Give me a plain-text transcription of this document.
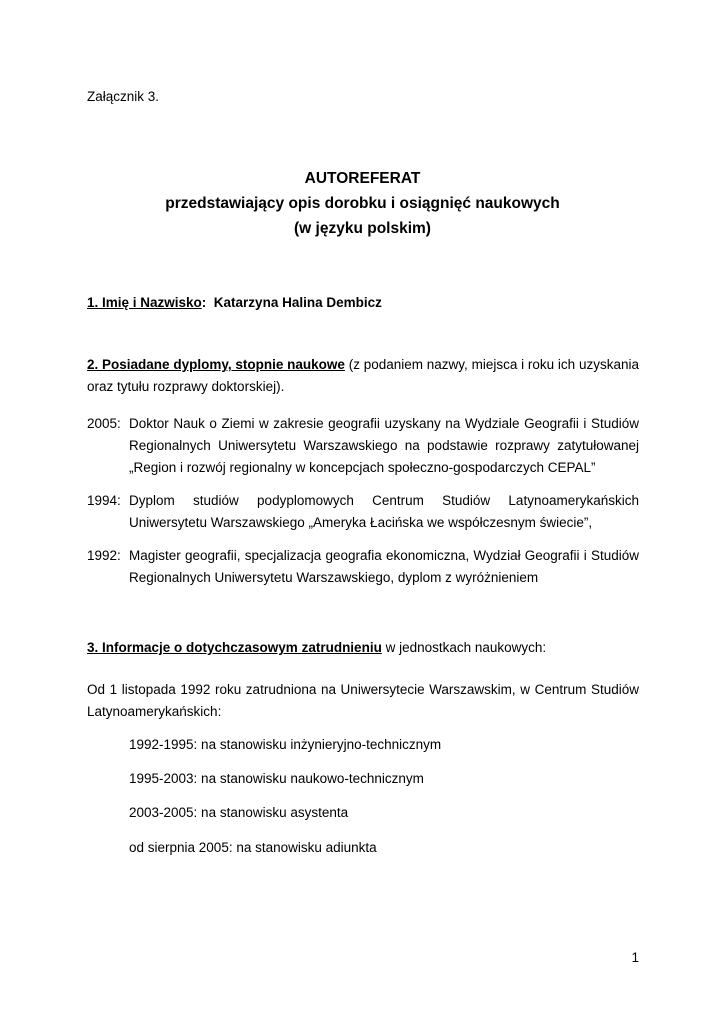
Załącznik 3.
AUTOREFERAT
przedstawiający opis dorobku i osiągnięć naukowych
(w języku polskim)
1. Imię i Nazwisko:  Katarzyna Halina Dembicz
2. Posiadane dyplomy, stopnie naukowe (z podaniem nazwy, miejsca i roku ich uzyskania oraz tytułu rozprawy doktorskiej).
2005: Doktor Nauk o Ziemi w zakresie geografii uzyskany na Wydziale Geografii i Studiów Regionalnych Uniwersytetu Warszawskiego na podstawie rozprawy zatytułowanej „Region i rozwój regionalny w koncepcjach społeczno-gospodarczych CEPAL”
1994: Dyplom studiów podyplomowych Centrum Studiów Latynoamerykańskich Uniwersytetu Warszawskiego „Ameryka Łacińska we współczesnym świecie”,
1992: Magister geografii, specjalizacja geografia ekonomiczna, Wydział Geografii i Studiów Regionalnych Uniwersytetu Warszawskiego, dyplom z wyróżnieniem
3. Informacje o dotychczasowym zatrudnieniu w jednostkach naukowych:
Od 1 listopada 1992 roku zatrudniona na Uniwersytecie Warszawskim, w Centrum Studiów Latynoamerykańskich:
1992-1995: na stanowisku inżynieryjno-technicznym
1995-2003: na stanowisku naukowo-technicznym
2003-2005: na stanowisku asystenta
od sierpnia 2005: na stanowisku adiunkta
1
